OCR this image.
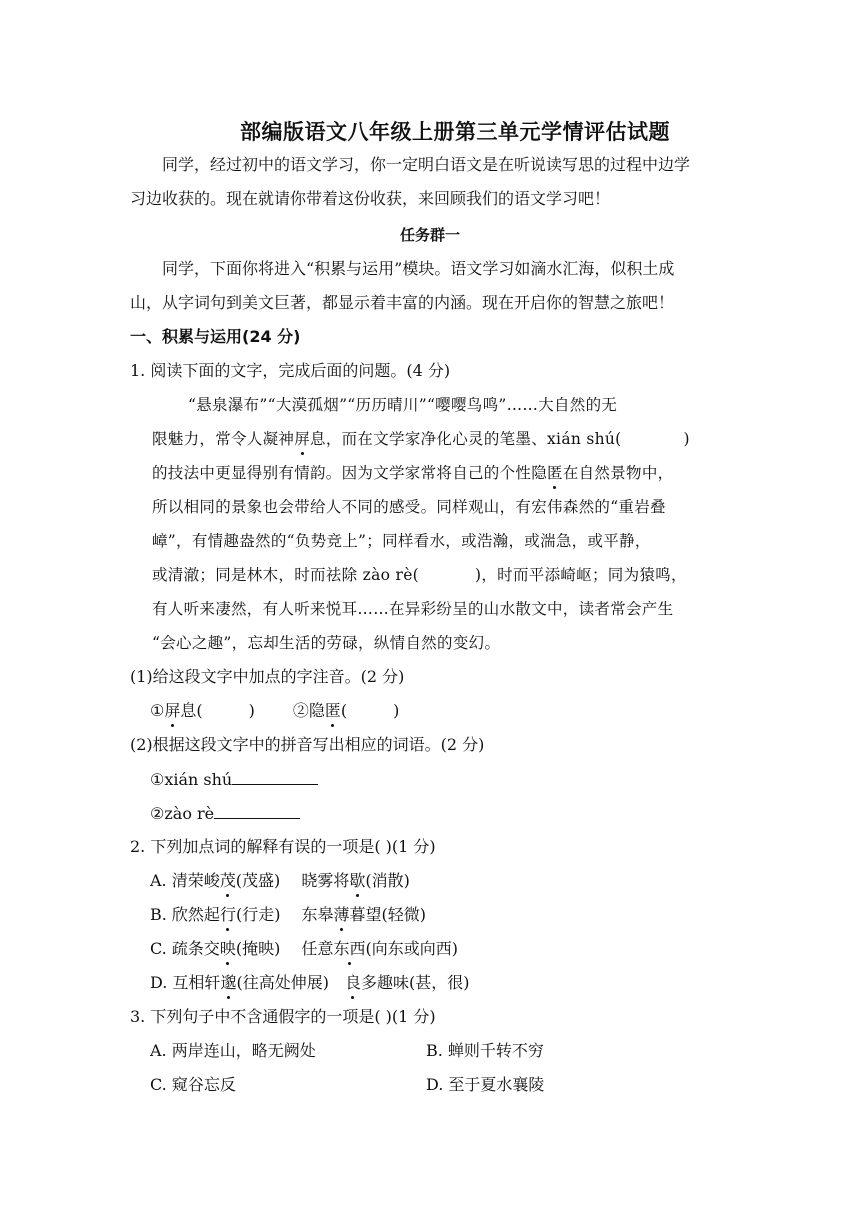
部编版语文八年级上册第三单元学情评估试题
同学，经过初中的语文学习，你一定明白语文是在听说读写思的过程中边学
习边收获的。现在就请你带着这份收获，来回顾我们的语文学习吧！
任务群一
同学，下面你将进入“积累与运用”模块。语文学习如滴水汇海，似积土成
山，从字词句到美文巨著，都显示着丰富的内涵。现在开启你的智慧之旅吧！
一、积累与运用(24 分)
1. 阅读下面的文字，完成后面的问题。(4 分)
“悬泉瀑布”“大漠孤烟”“历历晴川”“嘤嘤鸟鸣”……大自然的无
限魅力，常令人凝神屏息，而在文学家净化心灵的笔墨、xián shú(	)
的技法中更显得别有情韵。因为文学家常将自己的个性隐匿在自然景物中，
所以相同的景象也会带给人不同的感受。同样观山，有宏伟森然的“重岩叠
嶂”，有情趣盎然的“负势竞上”；同样看水，或浩瀚，或湍急，或平静，
或清澈；同是林木，时而祛除 zào rè(	)，时而平添崎岖；同为猿鸣，
有人听来凄然，有人听来悦耳……在异彩纷呈的山水散文中，读者常会产生
“会心之趣”，忘却生活的劳碌，纵情自然的变幻。
(1)给这段文字中加点的字注音。(2 分)
①屏息(	) ②隐匿(	)
(2)根据这段文字中的拼音写出相应的词语。(2 分)
①xián shú
②zào rè
2. 下列加点词的解释有误的一项是( )(1 分)
A. 清荣峻茂(茂盛)　 晓雾将歇(消散)
B. 欣然起行(行走)　 东皋薄暮望(轻微)
C. 疏条交映(掩映)　 任意东西(向东或向西)
D. 互相轩邈(往高处伸展)　良多趣味(甚，很)
3. 下列句子中不含通假字的一项是( )(1 分)
A. 两岸连山，略无阙处	B. 蝉则千转不穷
C. 窥谷忘反	D. 至于夏水襄陵
